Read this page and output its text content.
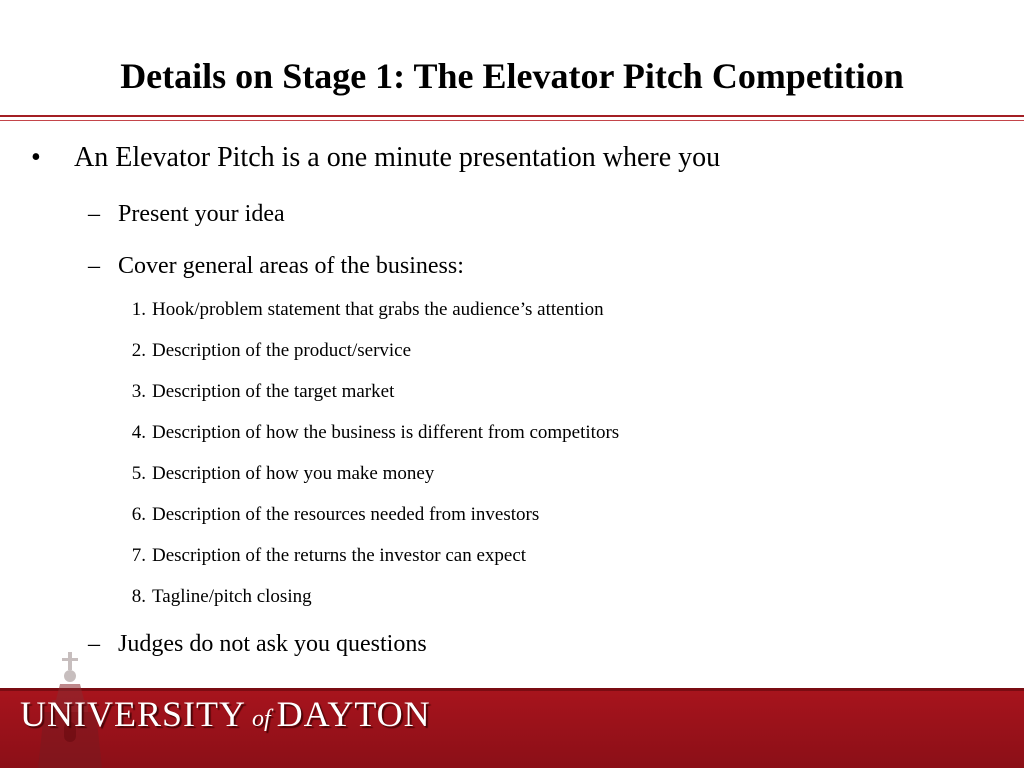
Details on Stage 1: The Elevator Pitch Competition
•	An Elevator Pitch is a one minute presentation where you
– Present your idea
– Cover general areas of the business:
1. Hook/problem statement that grabs the audience’s attention
2. Description of the product/service
3. Description of the target market
4. Description of how the business is different from competitors
5. Description of how you make money
6. Description of the resources needed from investors
7. Description of the returns the investor can expect
8. Tagline/pitch closing
– Judges do not ask you questions
UNIVERSITY of DAYTON
